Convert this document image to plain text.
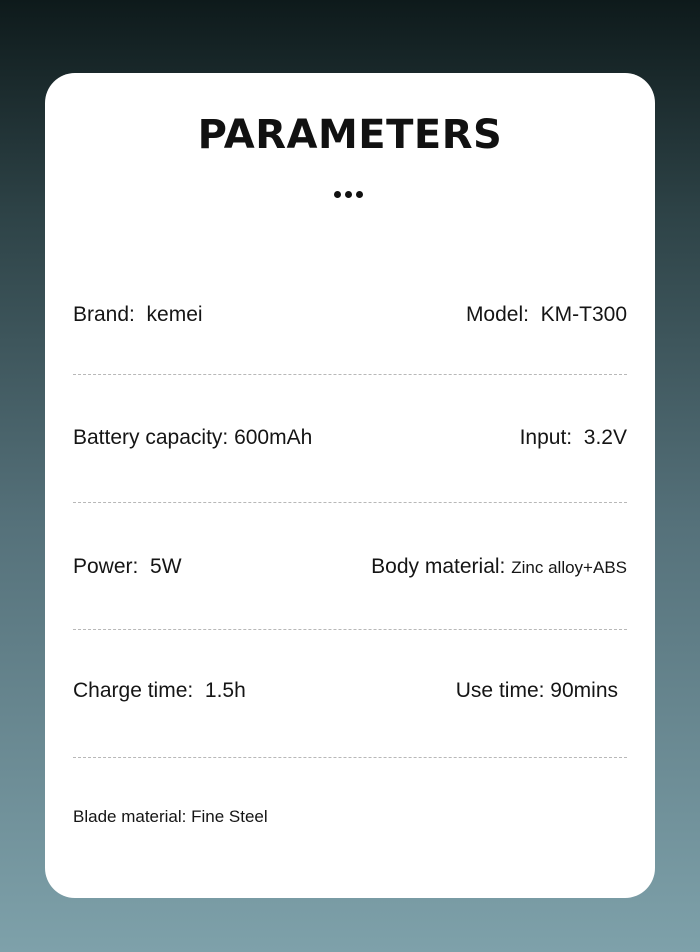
PARAMETERS
Brand: kemei	Model: KM-T300
Battery capacity: 600mAh	Input: 3.2V
Power: 5W	Body material: Zinc alloy+ABS
Charge time: 1.5h	Use time: 90mins
Blade material: Fine Steel
